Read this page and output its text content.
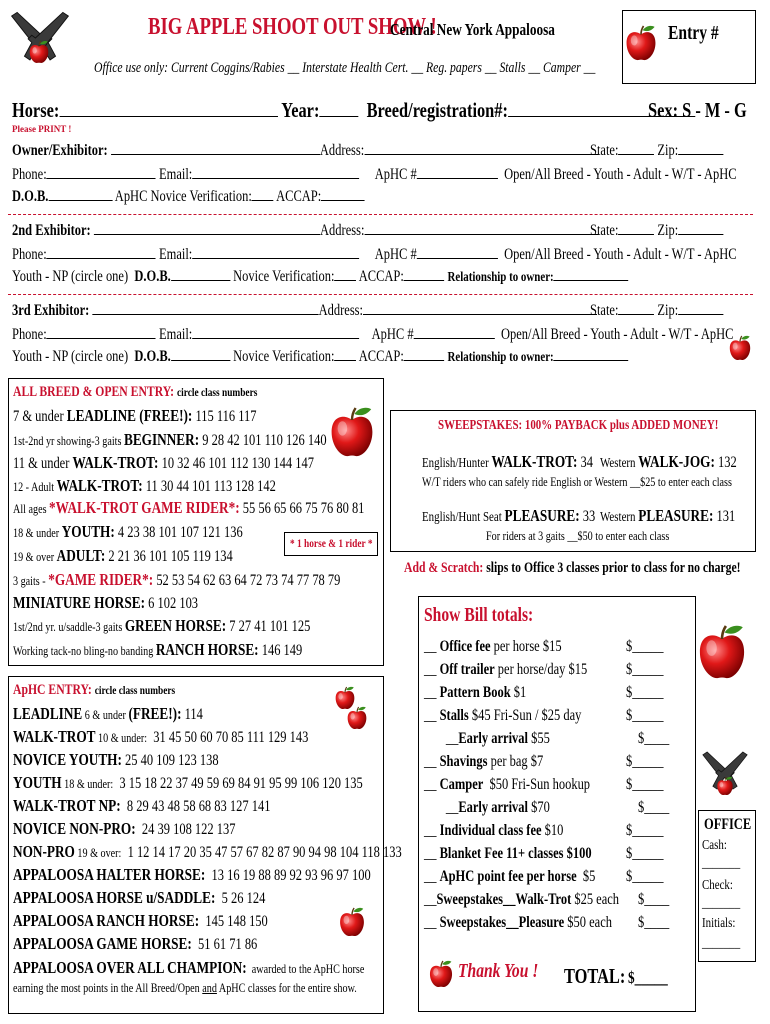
BIG APPLE SHOOT OUT SHOW !
Central New York Appaloosa
Office use only: Current Coggins/Rabies __ Interstate Health Cert. __ Reg. papers __ Stalls __ Camper __
Entry #
Horse:	Year: Breed/registration#:	Sex: S - M - G
Please PRINT !
Owner/Exhibitor:	Address:	State: Zip:
Phone:	Email:	ApHC #	Open/All Breed - Youth - Adult - W/T - ApHC
D.O.B.	ApHC Novice Verification: ACCAP:
2nd Exhibitor:	Address:	State: Zip:
Phone:	Email:	ApHC #	Open/All Breed - Youth - Adult - W/T - ApHC
Youth - NP (circle one) D.O.B.	Novice Verification: ACCAP:	Relationship to owner:
3rd Exhibitor:	Address:	State: Zip:
Phone:	Email:	ApHC #	Open/All Breed - Youth - Adult - W/T - ApHC
Youth - NP (circle one) D.O.B.	Novice Verification: ACCAP:	Relationship to owner:
ALL BREED & OPEN ENTRY: circle class numbers
7 & under LEADLINE (FREE!): 115 116 117
1st-2nd yr showing-3 gaits BEGINNER: 9 28 42 101 110 126 140
11 & under WALK-TROT: 10 32 46 101 112 130 144 147
12 - Adult WALK-TROT: 11 30 44 101 113 128 142
All ages *WALK-TROT GAME RIDER*: 55 56 65 66 75 76 80 81
18 & under YOUTH: 4 23 38 101 107 121 136
19 & over ADULT: 2 21 36 101 105 119 134
3 gaits - *GAME RIDER*: 52 53 54 62 63 64 72 73 74 77 78 79
MINIATURE HORSE: 6 102 103
1st/2nd yr. u/saddle-3 gaits GREEN HORSE: 7 27 41 101 125
Working tack-no bling-no banding RANCH HORSE: 146 149
* 1 horse & 1 rider *
SWEEPSTAKES: 100% PAYBACK plus ADDED MONEY!
English/Hunter WALK-TROT: 34 Western WALK-JOG: 132
W/T riders who can safely ride English or Western __$25 to enter each class
English/Hunt Seat PLEASURE: 33 Western PLEASURE: 131
For riders at 3 gaits __$50 to enter each class
Add & Scratch: slips to Office 3 classes prior to class for no charge!
Show Bill totals:
__ Office fee per horse $15	$_____
__ Off trailer per horse/day $15	$_____
__ Pattern Book $1	$_____
__ Stalls $45 Fri-Sun / $25 day	$_____
__Early arrival $55	$____
__ Shavings per bag $7	$_____
__ Camper  $50 Fri-Sun hookup	$_____
__Early arrival $70	$____
__ Individual class fee $10	$_____
__ Blanket Fee 11+ classes $100	$_____
__ ApHC point fee per horse  $5	$_____
__Sweepstakes__Walk-Trot $25 each	$____
__ Sweepstakes__Pleasure $50 each	$____
Thank You !	TOTAL: $_____
OFFICE
Cash:
_______
Check:
_______
Initials:
_______
ApHC ENTRY: circle class numbers
LEADLINE 6 & under (FREE!): 114
WALK-TROT 10 & under:  31 45 50 60 70 85 111 129 143
NOVICE YOUTH: 25 40 109 123 138
YOUTH 18 & under:  3 15 18 22 37 49 59 69 84 91 95 99 106 120 135
WALK-TROT NP:  8 29 43 48 58 68 83 127 141
NOVICE NON-PRO:  24 39 108 122 137
NON-PRO 19 & over:  1 12 14 17 20 35 47 57 67 82 87 90 94 98 104 118 133
APPALOOSA HALTER HORSE:  13 16 19 88 89 92 93 96 97 100
APPALOOSA HORSE u/SADDLE:  5 26 124
APPALOOSA RANCH HORSE:  145 148 150
APPALOOSA GAME HORSE:  51 61 71 86
APPALOOSA OVER ALL CHAMPION:  awarded to the ApHC horse
earning the most points in the All Breed/Open and ApHC classes for the entire show.
